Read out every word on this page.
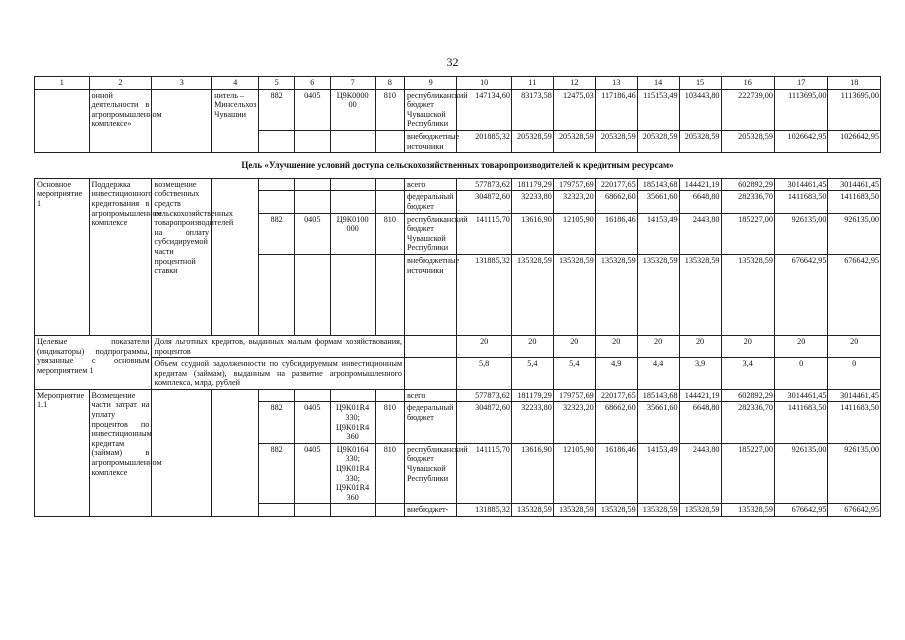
32
1	2	3	4	5	6	7	8	9	10	11	12	13	14	15	16	17	18
	онной деятельности в агропромышленном комплексе»		нитель – Минсельхоз Чувашии	882	0405	Ц9К0000 00	810	республиканский бюджет Чувашской Республики	147134,60	83173,58	12475,03	117186,46	115153,49	103443,80	222739,00	1113695,00	1113695,00
								внебюджетные источники	201885,32	205328,59	205328,59	205328,59	205328,59	205328,59	205328,59	1026642,95	1026642,95
Цель «Улучшение условий доступа сельскохозяйственных товаропроизводителей к кредитным ресурсам»																	
Основное мероприятие 1	Поддержка инвестиционного кредитования в агропромышленном комплексе	возмещение собственных средств сельскохозяйственных товаропроизводителей на оплату субсидируемой части процентной ставки						всего	577873,62	181179,29	179757,69	220177,65	185143,68	144421,19	602892,29	3014461,45	3014461,45
								федеральный бюджет	304872,60	32233,80	32323,20	68662,60	35661,60	6648,80	282336,70	1411683,50	1411683,50
				882	0405	Ц9К0100 000	810	республиканский бюджет Чувашской Республики	141115,70	13616,90	12105,90	16186,46	14153,49	2443,80	185227,00	926135,00	926135,00
								внебюджетные источники	131885,32	135328,59	135328,59	135328,59	135328,59	135328,59	135328,59	676642,95	676642,95
Целевые показатели (индикаторы) подпрограммы, увязанные с основным мероприятием 1		Доля льготных кредитов, выданных малым формам хозяйствования, процентов							20	20	20	20	20	20	20	20	20
		Объем ссудной задолженности по субсидируемым инвестиционным кредитам (займам), выданным на развитие агропромышленного комплекса, млрд. рублей							5,8	5,4	5,4	4,9	4,4	3,9	3,4	0	0
Мероприятие 1.1	Возмещение части затрат на уплату процентов по инвестиционным кредитам (займам) в агропромышленном комплексе							всего	577873,62	181179,29	179757,69	220177,65	185143,68	144421,19	602892,29	3014461,45	3014461,45
				882	0405	Ц9К01R4 330; Ц9К01R4 360	810	федеральный бюджет	304872,60	32233,80	32323,20	68662,60	35661,60	6648,80	282336,70	1411683,50	1411683,50
				882	0405	Ц9К0164 330; Ц9К01R4 330; Ц9К01R4 360	810	республиканский бюджет Чувашской Республики	141115,70	13616,90	12105,90	16186,46	14153,49	2443,80	185227,00	926135,00	926135,00
								внебюджет-	131885,32	135328,59	135328,59	135328,59	135328,59	135328,59	135328,59	676642,95	676642,95
